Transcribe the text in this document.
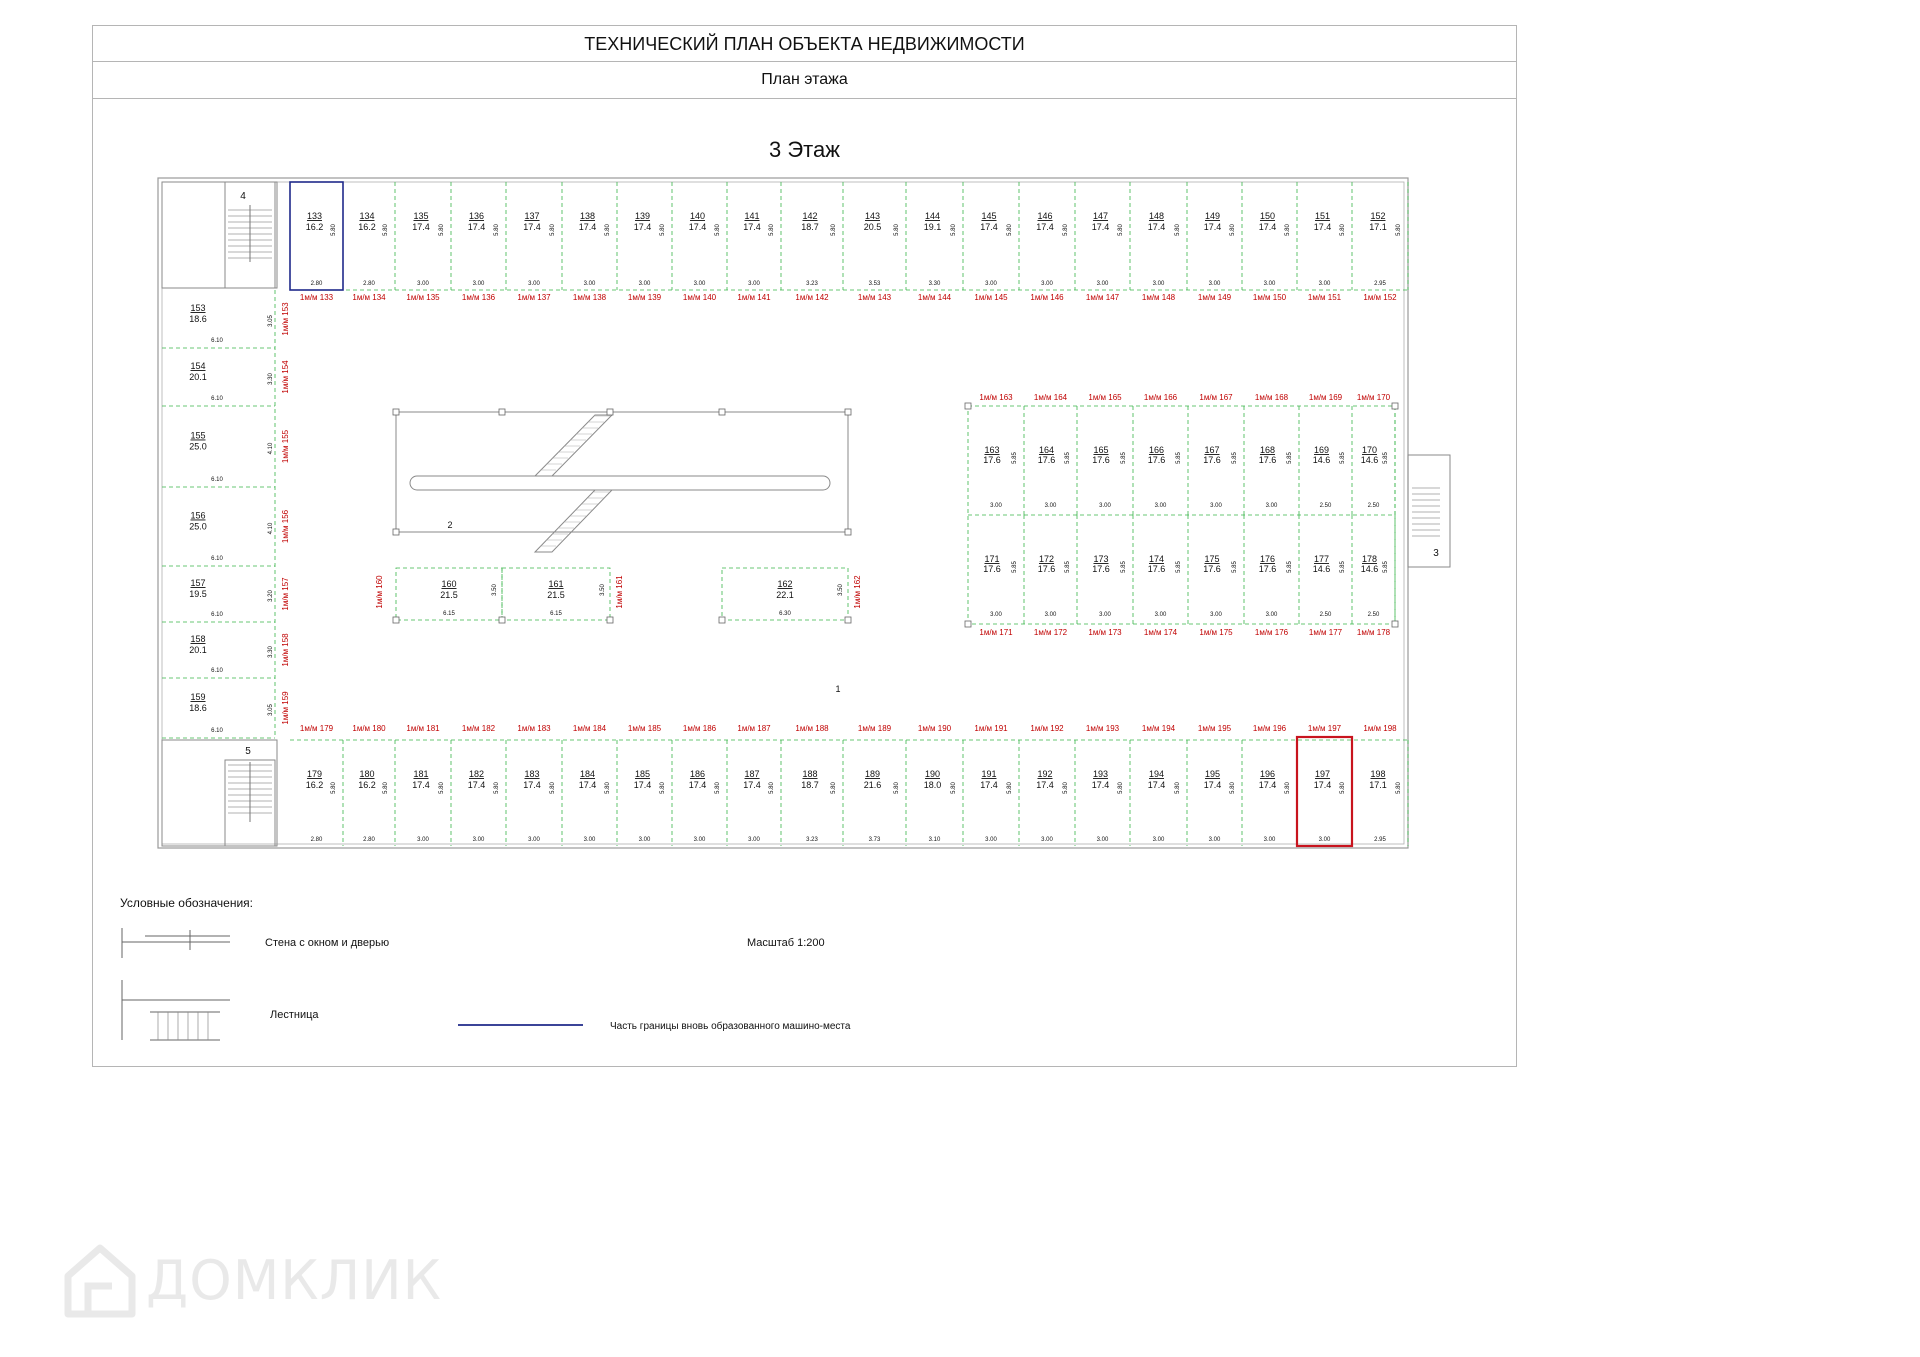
ТЕХНИЧЕСКИЙ ПЛАН ОБЪЕКТА НЕДВИЖИМОСТИ
План этажа
3 Этаж
4
5
3
133
16.2 5.80
2.80
1м/м 133
134
16.2 5.80
2.80
1м/м 134
135
17.4 5.80
3.00
1м/м 135
136
17.4 5.80
3.00
1м/м 136
137
17.4 5.80
3.00
1м/м 137
138
17.4 5.80
3.00
1м/м 138
139
17.4 5.80
3.00
1м/м 139
140
17.4 5.80
3.00
1м/м 140
141
17.4 5.80
3.00
1м/м 141
142
18.7 5.80
3.23
1м/м 142
143
20.5 5.80
3.53
1м/м 143
144
19.1 5.80
3.30
1м/м 144
145
17.4 5.80
3.00
1м/м 145
146
17.4 5.80
3.00
1м/м 146
147
17.4 5.80
3.00
1м/м 147
148
17.4 5.80
3.00
1м/м 148
149
17.4 5.80
3.00
1м/м 149
150
17.4 5.80
3.00
1м/м 150
151
17.4 5.80
3.00
1м/м 151
152
17.1 5.80
2.95
1м/м 152
179
16.2 5.80
2.80
1м/м 179
180
16.2 5.80
2.80
1м/м 180
181
17.4 5.80
3.00
1м/м 181
182
17.4 5.80
3.00
1м/м 182
183
17.4 5.80
3.00
1м/м 183
184
17.4 5.80
3.00
1м/м 184
185
17.4 5.80
3.00
1м/м 185
186
17.4 5.80
3.00
1м/м 186
187
17.4 5.80
3.00
1м/м 187
188
18.7 5.80
3.23
1м/м 188
189
21.6 5.80
3.73
1м/м 189
190
18.0 5.80
3.10
1м/м 190
191
17.4 5.80
3.00
1м/м 191
192
17.4 5.80
3.00
1м/м 192
193
17.4 5.80
3.00
1м/м 193
194
17.4 5.80
3.00
1м/м 194
195
17.4 5.80
3.00
1м/м 195
196
17.4 5.80
3.00
1м/м 196
197
17.4 5.80
3.00
1м/м 197
198
17.1 5.80
2.95
1м/м 198
153
18.6
6.10
3.05 1м/м 153
154
20.1
6.10
3.30 1м/м 154
155
25.0
6.10
4.10 1м/м 155
156
25.0
6.10
4.10 1м/м 156
157
19.5
6.10
3.20 1м/м 157
158
20.1
6.10
3.30 1м/м 158
159
18.6
6.10
3.05 1м/м 159
2
1
160
21.5
6.15
3.50
1м/м 160	161
21.5
6.15
3.50 1м/м 161	162
22.1
6.30
3.50 1м/м 162
163
17.6 5.85
3.00
1м/м 163
164
17.6 5.85
3.00
1м/м 164
165
17.6 5.85
3.00
1м/м 165
166
17.6 5.85
3.00
1м/м 166
167
17.6 5.85
3.00
1м/м 167
168
17.6 5.85
3.00
1м/м 168
169
14.6 5.85
2.50
1м/м 169
170
14.6 5.85
2.50
1м/м 170
171
17.6 5.85
3.00
1м/м 171
172
17.6 5.85
3.00
1м/м 172
173
17.6 5.85
3.00
1м/м 173
174
17.6 5.85
3.00
1м/м 174
175
17.6 5.85
3.00
1м/м 175
176
17.6 5.85
3.00
1м/м 176
177
14.6 5.85
2.50
1м/м 177
178
14.6 5.85
2.50
1м/м 178
Условные обозначения:
Стена с окном и дверью
Лестница
Масштаб 1:200
Часть границы вновь образованного машино-места
ДОМКЛИК
